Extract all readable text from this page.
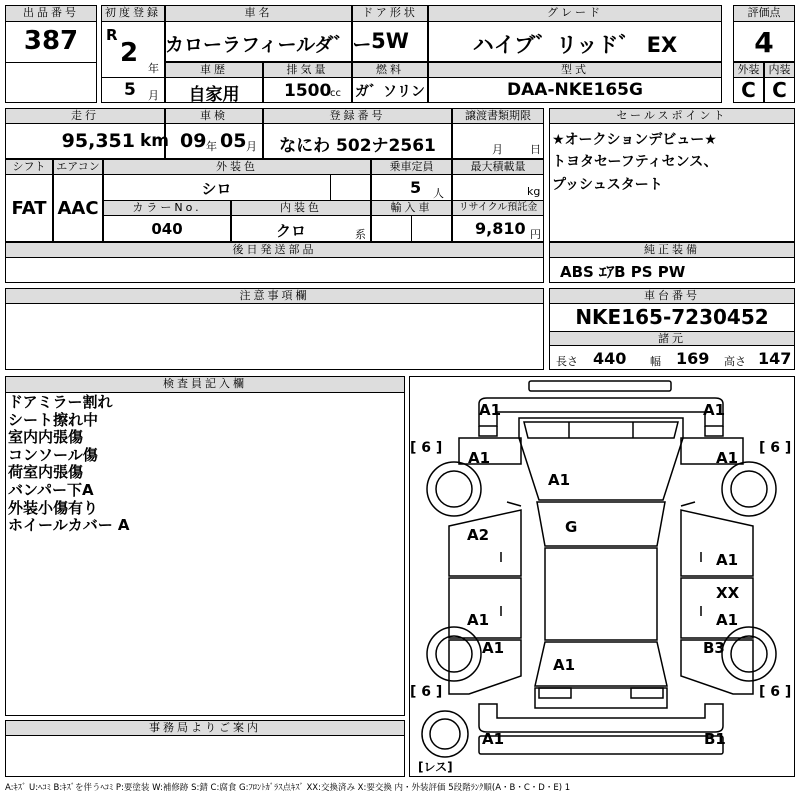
出品番号
387
初度登録
R
2
年
5 月
車名
カローラフィールダ゛ー
ドア形状
5W
グレード
ハイブ゛リッド゛ EX
評価点
4
車歴
自家用
排気量
1500
cc
燃料
ガ゛ソリン
型式
DAA-NKE165G
外装 内装
C C
走行
95,351 km
車検
09 年 05 月
登録番号
なにわ 502ナ2561
譲渡書類期限
月 日
セールスポイント
★オークションデビュー★
トヨタセーフティセンス、
プッシュスタート
シフト
FAT
エアコン
AAC
外装色
シロ
乗車定員
5 人
最大積載量
kg
カラーNo.
040
内装色
クロ	系
輸入車	リサイクル預託金
9,810 円
後日発送部品	純正装備
ABS ｴｱB PS PW
注意事項欄	車台番号
NKE165-7230452
諸元
長さ 440 幅 169 高さ 147
検査員記入欄
ドアミラー割れ
シート擦れ中
室内内張傷
コンソール傷
荷室内張傷
バンパー下A
外装小傷有り
ホイールカバー A
事務局よりご案内
[ 6 ]	[ 6 ]
[ 6 ]	[ 6 ]
[レス]
A1	A1
A1	A1
A1
G
A2
A1
XX
A1	A1
A1	B3
A1
A1	B1
A:ｷｽﾞ U:ﾍｺﾐ B:ｷｽﾞを伴うﾍｺﾐ P:要塗装 W:補修跡 S:錆 C:腐食 G:ﾌﾛﾝﾄｶﾞﾗｽ点ｷｽﾞ XX:交換済み X:要交換 内・外装評価 5段階ﾗﾝｸ順(A・B・C・D・E) 1
